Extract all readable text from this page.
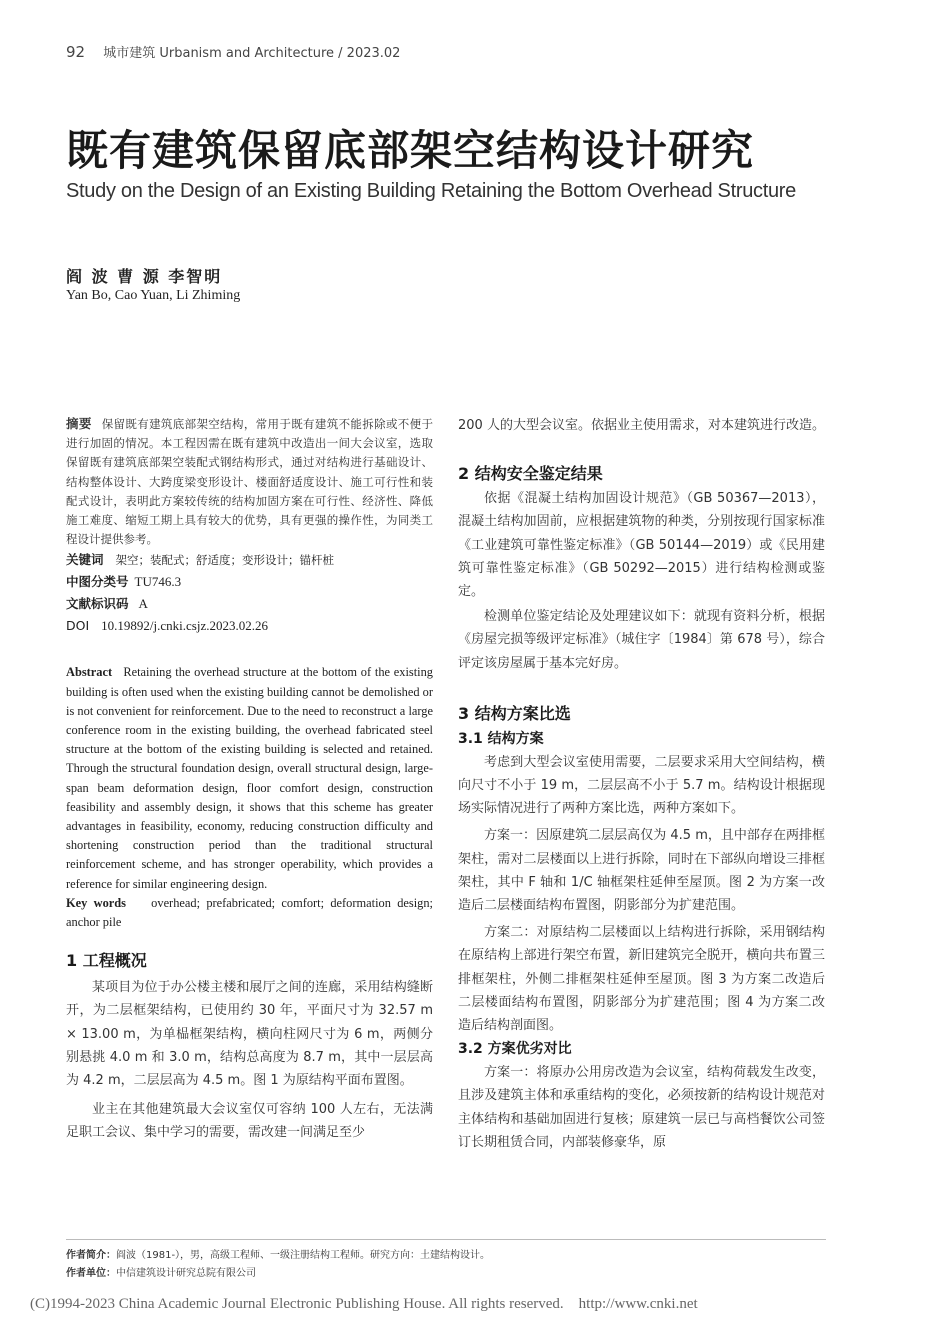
92 城市建筑 Urbanism and Architecture / 2023.02
既有建筑保留底部架空结构设计研究
Study on the Design of an Existing Building Retaining the Bottom Overhead Structure
阎 波 曹 源 李智明
Yan Bo, Cao Yuan, Li Zhiming
摘要 保留既有建筑底部架空结构，常用于既有建筑不能拆除或不便于进行加固的情况。本工程因需在既有建筑中改造出一间大会议室，选取保留既有建筑底部架空装配式钢结构形式，通过对结构进行基础设计、结构整体设计、大跨度梁变形设计、楼面舒适度设计、施工可行性和装配式设计，表明此方案较传统的结构加固方案在可行性、经济性、降低施工难度、缩短工期上具有较大的优势，具有更强的操作性，为同类工程设计提供参考。
关键词 架空；装配式；舒适度；变形设计；锚杆桩
中图分类号 TU746.3
文献标识码 A
DOI 10.19892/j.cnki.csjz.2023.02.26
Abstract Retaining the overhead structure at the bottom of the existing building is often used when the existing building cannot be demolished or is not convenient for reinforcement. Due to the need to reconstruct a large conference room in the existing building, the overhead fabricated steel structure at the bottom of the existing building is selected and retained. Through the structural foundation design, overall structural design, large-span beam deformation design, floor comfort design, construction feasibility and assembly design, it shows that this scheme has greater advantages in feasibility, economy, reducing construction difficulty and shortening construction period than the traditional structural reinforcement scheme, and has stronger operability, which provides a reference for similar engineering design.
Key words overhead; prefabricated; comfort; deformation design; anchor pile
1 工程概况
某项目为位于办公楼主楼和展厅之间的连廊，采用结构缝断开，为二层框架结构，已使用约 30 年，平面尺寸为 32.57 m × 13.00 m，为单榀框架结构，横向柱网尺寸为 6 m，两侧分别悬挑 4.0 m 和 3.0 m，结构总高度为 8.7 m，其中一层层高为 4.2 m，二层层高为 4.5 m。图 1 为原结构平面布置图。
业主在其他建筑最大会议室仅可容纳 100 人左右，无法满足职工会议、集中学习的需要，需改建一间满足至少
200 人的大型会议室。依据业主使用需求，对本建筑进行改造。
2 结构安全鉴定结果
依据《混凝土结构加固设计规范》（GB 50367—2013），混凝土结构加固前，应根据建筑物的种类，分别按现行国家标准《工业建筑可靠性鉴定标准》（GB 50144—2019）或《民用建筑可靠性鉴定标准》（GB 50292—2015）进行结构检测或鉴定。
检测单位鉴定结论及处理建议如下：就现有资料分析，根据《房屋完损等级评定标准》（城住字〔1984〕第 678 号），综合评定该房屋属于基本完好房。
3 结构方案比选
3.1 结构方案
考虑到大型会议室使用需要，二层要求采用大空间结构，横向尺寸不小于 19 m，二层层高不小于 5.7 m。结构设计根据现场实际情况进行了两种方案比选，两种方案如下。
方案一：因原建筑二层层高仅为 4.5 m，且中部存在两排框架柱，需对二层楼面以上进行拆除，同时在下部纵向增设三排框架柱，其中 F 轴和 1/C 轴框架柱延伸至屋顶。图 2 为方案一改造后二层楼面结构布置图，阴影部分为扩建范围。
方案二：对原结构二层楼面以上结构进行拆除，采用钢结构在原结构上部进行架空布置，新旧建筑完全脱开，横向共布置三排框架柱，外侧二排框架柱延伸至屋顶。图 3 为方案二改造后二层楼面结构布置图，阴影部分为扩建范围；图 4 为方案二改造后结构剖面图。
3.2 方案优劣对比
方案一：将原办公用房改造为会议室，结构荷载发生改变，且涉及建筑主体和承重结构的变化，必须按新的结构设计规范对主体结构和基础加固进行复核；原建筑一层已与高档餐饮公司签订长期租赁合同，内部装修豪华，原
作者简介：阎波（1981-），男，高级工程师、一级注册结构工程师。研究方向：土建结构设计。
作者单位：中信建筑设计研究总院有限公司
(C)1994-2023 China Academic Journal Electronic Publishing House. All rights reserved.    http://www.cnki.net
